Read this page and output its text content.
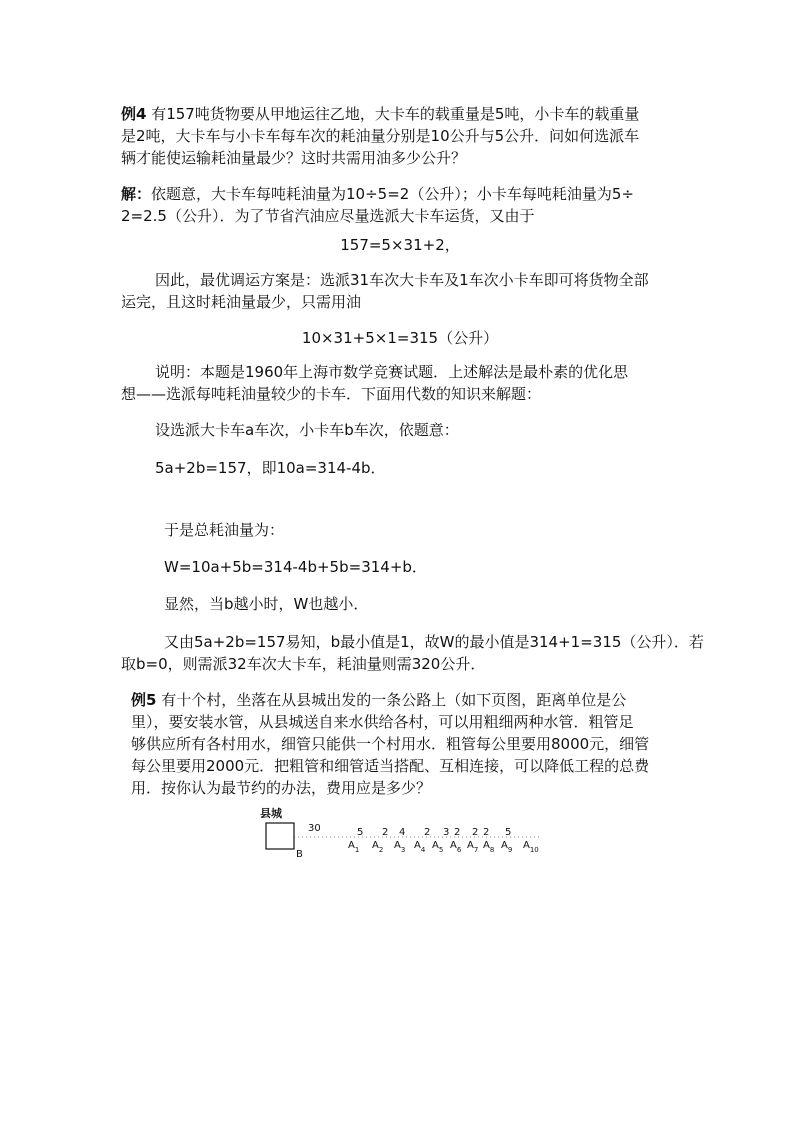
例4 有157吨货物要从甲地运往乙地，大卡车的载重量是5吨，小卡车的载重量
是2吨，大卡车与小卡车每车次的耗油量分别是10公升与5公升．问如何选派车
辆才能使运输耗油量最少？这时共需用油多少公升？
解：依题意，大卡车每吨耗油量为10÷5=2（公升）；小卡车每吨耗油量为5÷
2=2.5（公升）．为了节省汽油应尽量选派大卡车运货，又由于
157=5×31+2，
因此，最优调运方案是：选派31车次大卡车及1车次小卡车即可将货物全部
运完，且这时耗油量最少，只需用油
10×31+5×1=315（公升）
说明：本题是1960年上海市数学竞赛试题．上述解法是最朴素的优化思
想——选派每吨耗油量较少的卡车．下面用代数的知识来解题：
设选派大卡车a车次，小卡车b车次，依题意：
5a+2b=157，即10a=314-4b．
于是总耗油量为：
W=10a+5b=314-4b+5b=314+b．
显然，当b越小时，W也越小．
又由5a+2b=157易知，b最小值是1，故W的最小值是314+1=315（公升）．若
取b=0，则需派32车次大卡车，耗油量则需320公升．
例5 有十个村，坐落在从县城出发的一条公路上（如下页图，距离单位是公
里），要安装水管，从县城送自来水供给各村，可以用粗细两种水管．粗管足
够供应所有各村用水，细管只能供一个村用水．粗管每公里要用8000元，细管
每公里要用2000元．把粗管和细管适当搭配、互相连接，可以降低工程的总费
用．按你认为最节约的办法，费用应是多少？
县城
B
30	5 2 4 2 3 2 2 2 5
$A_1$ $A_2$ $A_3$ $A_4$ $A_5$ $A_6$ $A_7$ $A_8$ $A_9$ $A_{10}$
